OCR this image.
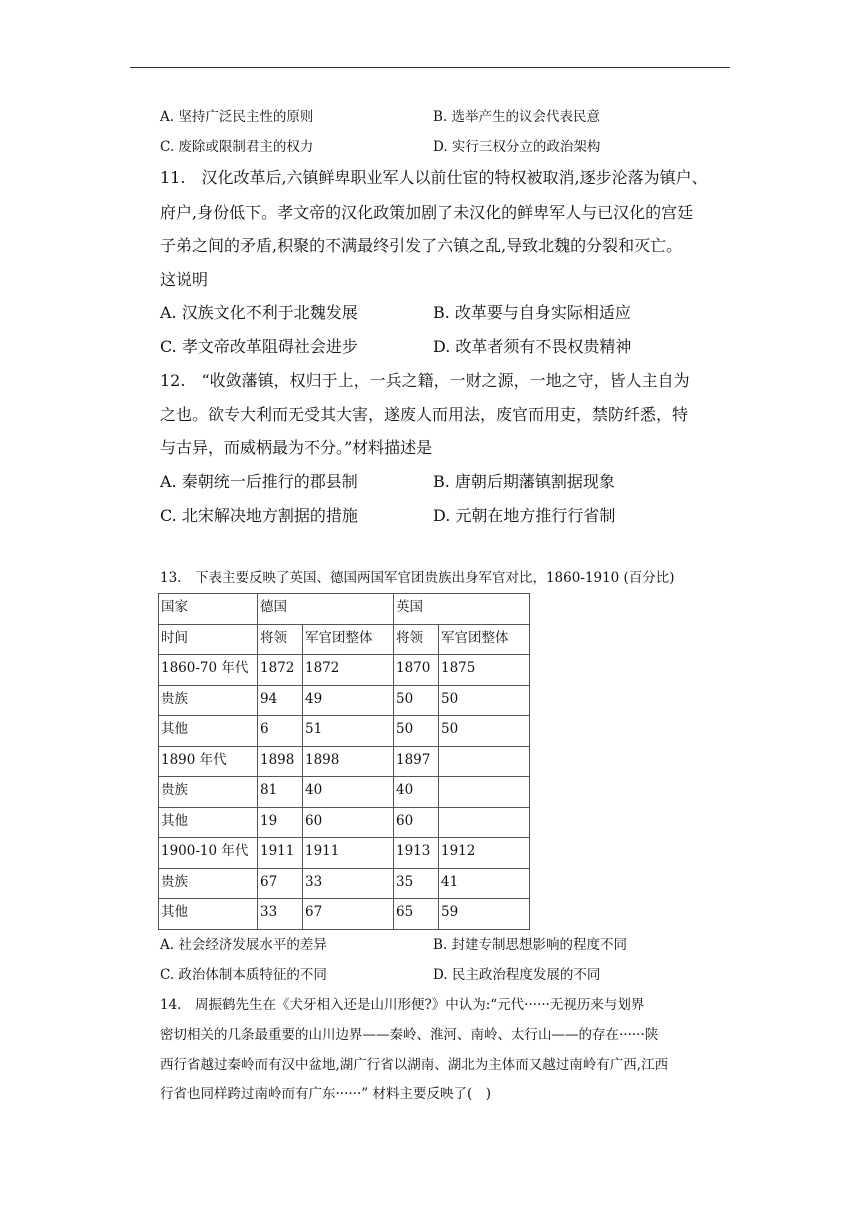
A. 坚持广泛民主性的原则	B. 选举产生的议会代表民意
C. 废除或限制君主的权力	D. 实行三权分立的政治架构
11.　汉化改革后,六镇鲜卑职业军人以前仕宦的特权被取消,逐步沦落为镇户、
府户,身份低下。孝文帝的汉化政策加剧了未汉化的鲜卑军人与已汉化的宫廷
子弟之间的矛盾,积聚的不满最终引发了六镇之乱,导致北魏的分裂和灭亡。
这说明
A. 汉族文化不利于北魏发展	B. 改革要与自身实际相适应
C. 孝文帝改革阻碍社会进步	D. 改革者须有不畏权贵精神
12.　“收敛藩镇，权归于上，一兵之籍，一财之源，一地之守，皆人主自为
之也。欲专大利而无受其大害，遂废人而用法，废官而用吏，禁防纤悉，特
与古异，而威柄最为不分。”材料描述是
A. 秦朝统一后推行的郡县制	B. 唐朝后期藩镇割据现象
C. 北宋解决地方割据的措施	D. 元朝在地方推行行省制
13.　下表主要反映了英国、德国两国军官团贵族出身军官对比，1860-1910 (百分比)
国家	德国		英国	
时间	将领	军官团整体	将领	军官团整体
1860-70 年代	1872	1872	1870	1875
贵族	94	49	50	50
其他	6	51	50	50
1890 年代	1898	1898	1897	
贵族	81	40	40	
其他	19	60	60	
1900-10 年代	1911	1911	1913	1912
贵族	67	33	35	41
其他	33	67	65	59
A. 社会经济发展水平的差异	B. 封建专制思想影响的程度不同
C. 政治体制本质特征的不同	D. 民主政治程度发展的不同
14.　周振鹤先生在《犬牙相入还是山川形便?》中认为:“元代······无视历来与划界
密切相关的几条最重要的山川边界——秦岭、淮河、南岭、太行山——的存在······陕
西行省越过秦岭而有汉中盆地,湖广行省以湖南、湖北为主体而又越过南岭有广西,江西
行省也同样跨过南岭而有广东······” 材料主要反映了(　)
